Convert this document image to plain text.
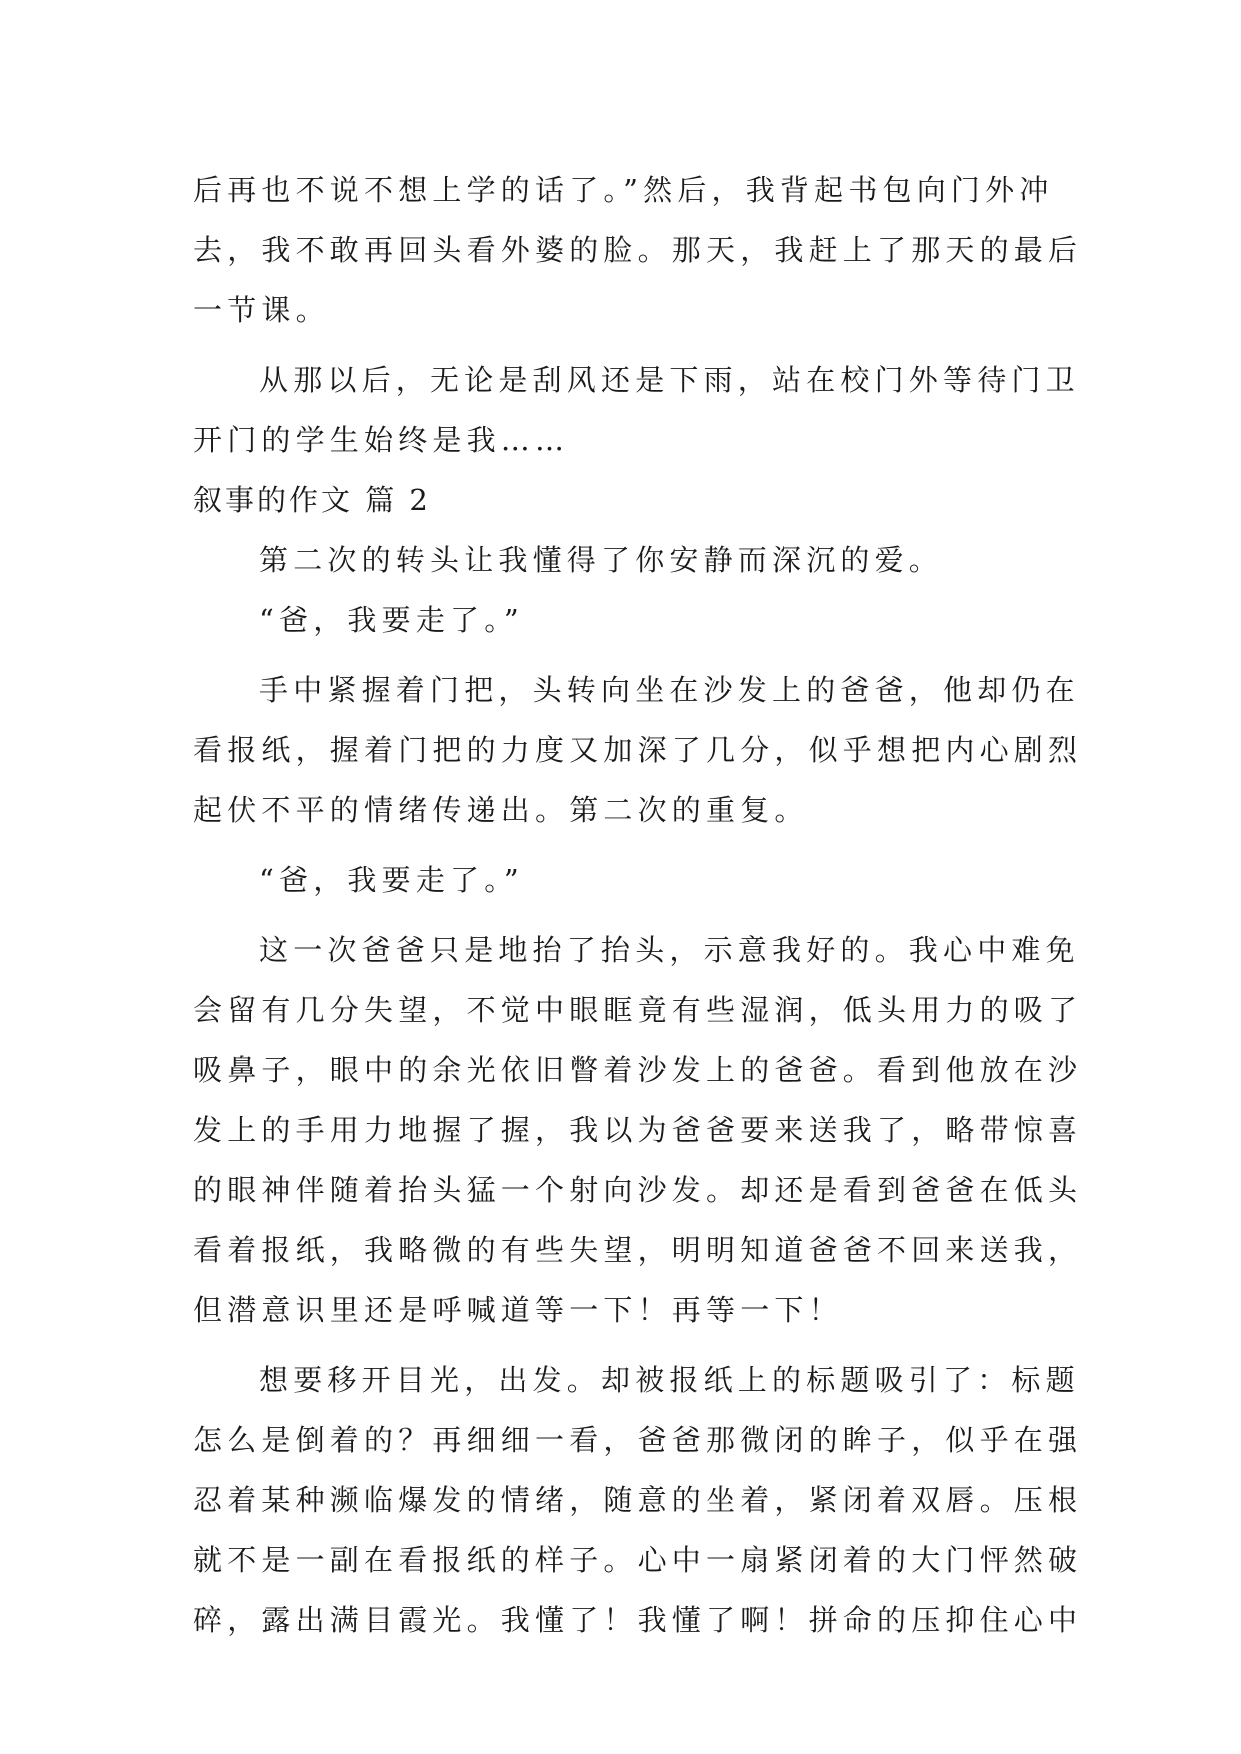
后再也不说不想上学的话了。”然后，我背起书包向门外冲
去，我不敢再回头看外婆的脸。那天，我赶上了那天的最后
一节课。
从那以后，无论是刮风还是下雨，站在校门外等待门卫
开门的学生始终是我……
叙事的作文 篇 2
第二次的转头让我懂得了你安静而深沉的爱。
“爸，我要走了。”
手中紧握着门把，头转向坐在沙发上的爸爸，他却仍在
看报纸，握着门把的力度又加深了几分，似乎想把内心剧烈
起伏不平的情绪传递出。第二次的重复。
“爸，我要走了。”
这一次爸爸只是地抬了抬头，示意我好的。我心中难免
会留有几分失望，不觉中眼眶竟有些湿润，低头用力的吸了
吸鼻子，眼中的余光依旧瞥着沙发上的爸爸。看到他放在沙
发上的手用力地握了握，我以为爸爸要来送我了，略带惊喜
的眼神伴随着抬头猛一个射向沙发。却还是看到爸爸在低头
看着报纸，我略微的有些失望，明明知道爸爸不回来送我，
但潜意识里还是呼喊道等一下！再等一下！
想要移开目光，出发。却被报纸上的标题吸引了：标题
怎么是倒着的？再细细一看，爸爸那微闭的眸子，似乎在强
忍着某种濒临爆发的情绪，随意的坐着，紧闭着双唇。压根
就不是一副在看报纸的样子。心中一扇紧闭着的大门怦然破
碎，露出满目霞光。我懂了！我懂了啊！拼命的压抑住心中
